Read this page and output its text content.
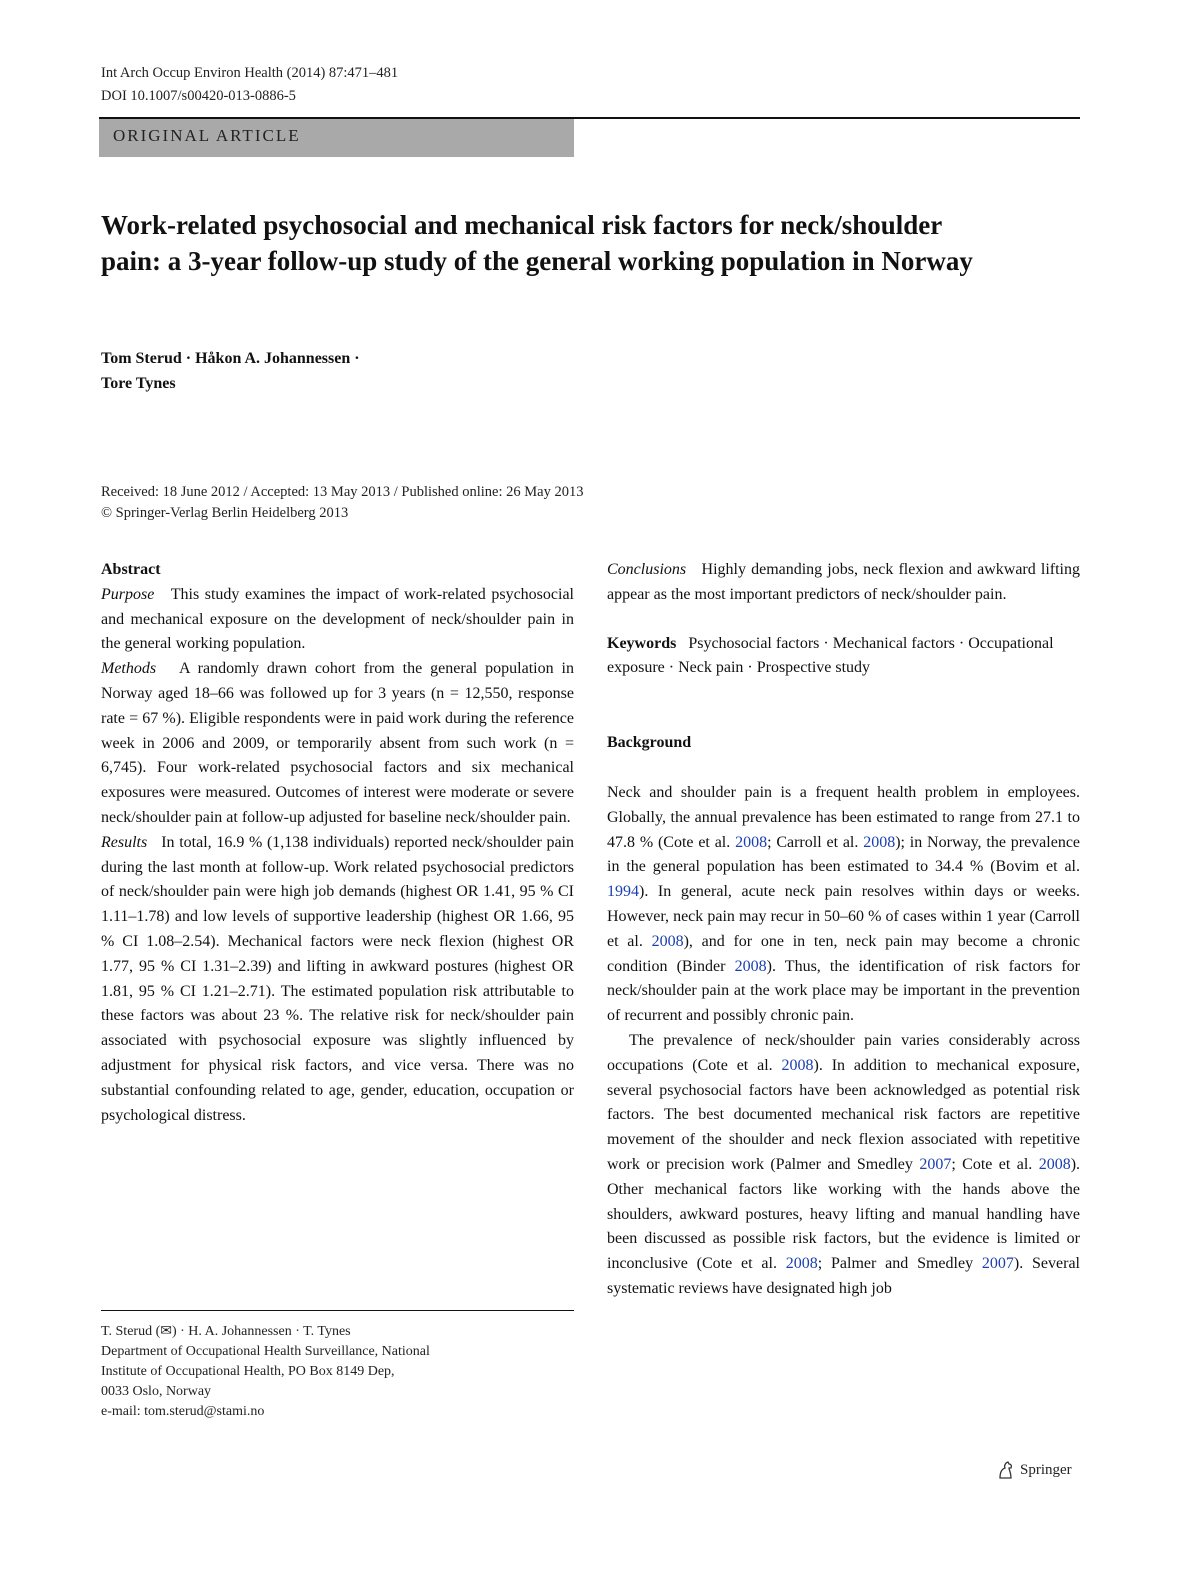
Int Arch Occup Environ Health (2014) 87:471–481
DOI 10.1007/s00420-013-0886-5
ORIGINAL ARTICLE
Work-related psychosocial and mechanical risk factors for neck/shoulder pain: a 3-year follow-up study of the general working population in Norway
Tom Sterud · Håkon A. Johannessen ·
Tore Tynes
Received: 18 June 2012 / Accepted: 13 May 2013 / Published online: 26 May 2013
© Springer-Verlag Berlin Heidelberg 2013
Abstract

Purpose This study examines the impact of work-related psychosocial and mechanical exposure on the development of neck/shoulder pain in the general working population.

Methods A randomly drawn cohort from the general population in Norway aged 18–66 was followed up for 3 years (n = 12,550, response rate = 67 %). Eligible respondents were in paid work during the reference week in 2006 and 2009, or temporarily absent from such work (n = 6,745). Four work-related psychosocial factors and six mechanical exposures were measured. Outcomes of interest were moderate or severe neck/shoulder pain at follow-up adjusted for baseline neck/shoulder pain.

Results In total, 16.9 % (1,138 individuals) reported neck/shoulder pain during the last month at follow-up. Work related psychosocial predictors of neck/shoulder pain were high job demands (highest OR 1.41, 95 % CI 1.11–1.78) and low levels of supportive leadership (highest OR 1.66, 95 % CI 1.08–2.54). Mechanical factors were neck flexion (highest OR 1.77, 95 % CI 1.31–2.39) and lifting in awkward postures (highest OR 1.81, 95 % CI 1.21–2.71). The estimated population risk attributable to these factors was about 23 %. The relative risk for neck/shoulder pain associated with psychosocial exposure was slightly influenced by adjustment for physical risk factors, and vice versa. There was no substantial confounding related to age, gender, education, occupation or psychological distress.

T. Sterud (✉) · H. A. Johannessen · T. Tynes
Department of Occupational Health Surveillance, National
Institute of Occupational Health, PO Box 8149 Dep,
0033 Oslo, Norway
e-mail: tom.sterud@stami.no

Conclusions Highly demanding jobs, neck flexion and awkward lifting appear as the most important predictors of neck/shoulder pain.

Keywords Psychosocial factors · Mechanical factors · Occupational exposure · Neck pain · Prospective study

Background

Neck and shoulder pain is a frequent health problem in employees. Globally, the annual prevalence has been estimated to range from 27.1 to 47.8 % (Cote et al. 2008; Carroll et al. 2008); in Norway, the prevalence in the general population has been estimated to 34.4 % (Bovim et al. 1994). In general, acute neck pain resolves within days or weeks. However, neck pain may recur in 50–60 % of cases within 1 year (Carroll et al. 2008), and for one in ten, neck pain may become a chronic condition (Binder 2008). Thus, the identification of risk factors for neck/shoulder pain at the work place may be important in the prevention of recurrent and possibly chronic pain.

The prevalence of neck/shoulder pain varies considerably across occupations (Cote et al. 2008). In addition to mechanical exposure, several psychosocial factors have been acknowledged as potential risk factors. The best documented mechanical risk factors are repetitive movement of the shoulder and neck flexion associated with repetitive work or precision work (Palmer and Smedley 2007; Cote et al. 2008). Other mechanical factors like working with the hands above the shoulders, awkward postures, heavy lifting and manual handling have been discussed as possible risk factors, but the evidence is limited or inconclusive (Cote et al. 2008; Palmer and Smedley 2007). Several systematic reviews have designated high job

Springer
